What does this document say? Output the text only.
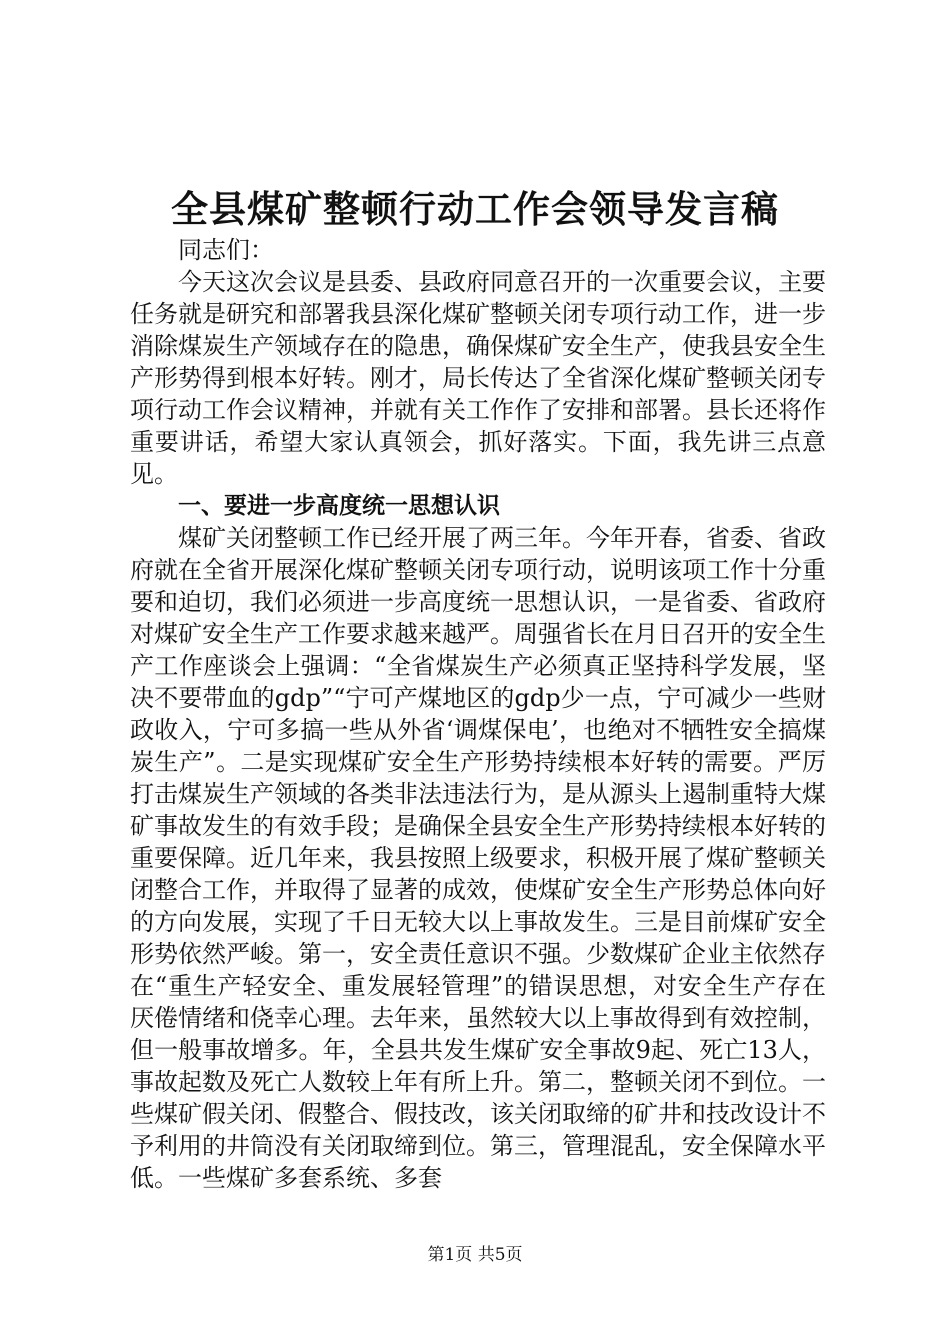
全县煤矿整顿行动工作会领导发言稿

同志们：

今天这次会议是县委、县政府同意召开的一次重要会议，主要任务就是研究和部署我县深化煤矿整顿关闭专项行动工作，进一步消除煤炭生产领域存在的隐患，确保煤矿安全生产，使我县安全生产形势得到根本好转。刚才，局长传达了全省深化煤矿整顿关闭专项行动工作会议精神，并就有关工作作了安排和部署。县长还将作重要讲话，希望大家认真领会，抓好落实。下面，我先讲三点意见。

一、要进一步高度统一思想认识

煤矿关闭整顿工作已经开展了两三年。今年开春，省委、省政府就在全省开展深化煤矿整顿关闭专项行动，说明该项工作十分重要和迫切，我们必须进一步高度统一思想认识，一是省委、省政府对煤矿安全生产工作要求越来越严。周强省长在月日召开的安全生产工作座谈会上强调：“全省煤炭生产必须真正坚持科学发展，坚决不要带血的gdp”“宁可产煤地区的gdp少一点，宁可减少一些财政收入，宁可多搞一些从外省‘调煤保电’，也绝对不牺牲安全搞煤炭生产”。二是实现煤矿安全生产形势持续根本好转的需要。严厉打击煤炭生产领域的各类非法违法行为，是从源头上遏制重特大煤矿事故发生的有效手段；是确保全县安全生产形势持续根本好转的重要保障。近几年来，我县按照上级要求，积极开展了煤矿整顿关闭整合工作，并取得了显著的成效，使煤矿安全生产形势总体向好的方向发展，实现了千日无较大以上事故发生。三是目前煤矿安全形势依然严峻。第一，安全责任意识不强。少数煤矿企业主依然存在“重生产轻安全、重发展轻管理”的错误思想，对安全生产存在厌倦情绪和侥幸心理。去年来，虽然较大以上事故得到有效控制，但一般事故增多。年，全县共发生煤矿安全事故9起、死亡13人，事故起数及死亡人数较上年有所上升。第二，整顿关闭不到位。一些煤矿假关闭、假整合、假技改，该关闭取缔的矿井和技改设计不予利用的井筒没有关闭取缔到位。第三，管理混乱，安全保障水平低。一些煤矿多套系统、多套

第1页 共5页
